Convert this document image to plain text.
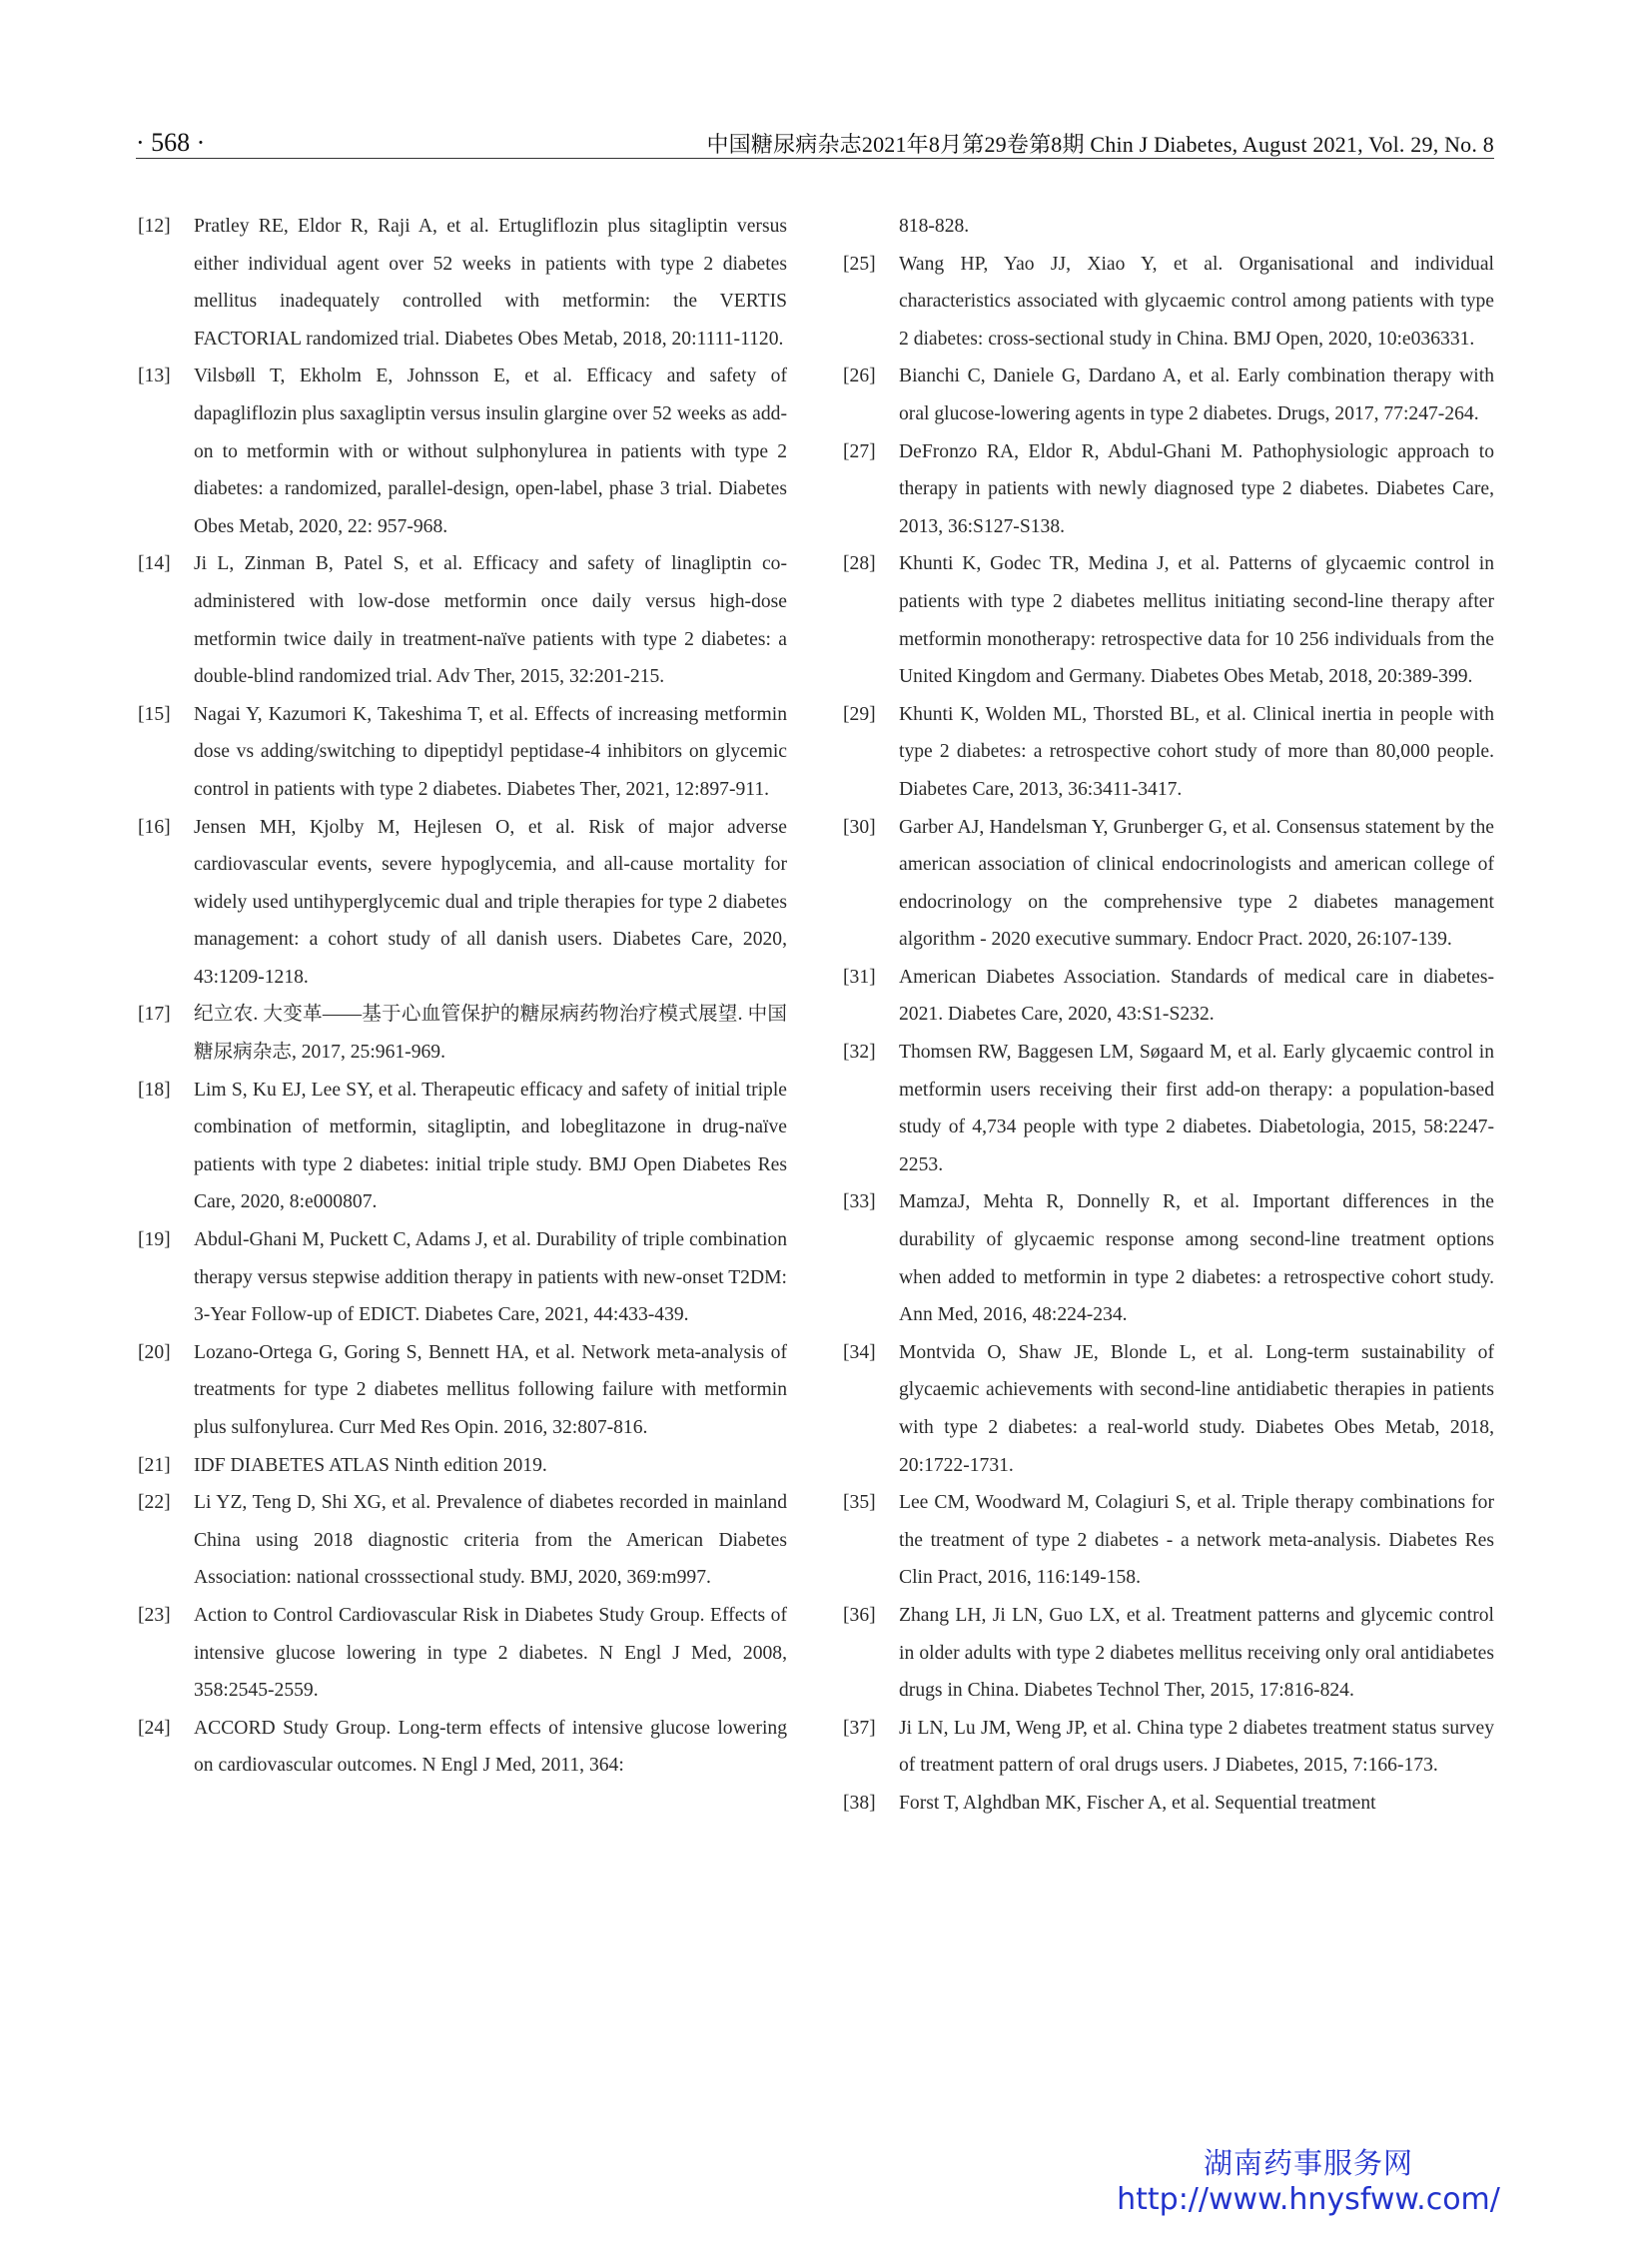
· 568 ·	中国糖尿病杂志2021年8月第29卷第8期 Chin J Diabetes, August 2021, Vol. 29, No. 8
[12] Pratley RE, Eldor R, Raji A, et al. Ertugliflozin plus sitagliptin versus either individual agent over 52 weeks in patients with type 2 diabetes mellitus inadequately controlled with metformin: the VERTIS FACTORIAL randomized trial. Diabetes Obes Metab, 2018, 20:1111-1120.
[13] Vilsbøll T, Ekholm E, Johnsson E, et al. Efficacy and safety of dapagliflozin plus saxagliptin versus insulin glargine over 52 weeks as add-on to metformin with or without sulphonylurea in patients with type 2 diabetes: a randomized, parallel-design, open-label, phase 3 trial. Diabetes Obes Metab, 2020, 22: 957-968.
[14] Ji L, Zinman B, Patel S, et al. Efficacy and safety of linagliptin co-administered with low-dose metformin once daily versus high-dose metformin twice daily in treatment-naïve patients with type 2 diabetes: a double-blind randomized trial. Adv Ther, 2015, 32:201-215.
[15] Nagai Y, Kazumori K, Takeshima T, et al. Effects of increasing metformin dose vs adding/switching to dipeptidyl peptidase-4 inhibitors on glycemic control in patients with type 2 diabetes. Diabetes Ther, 2021, 12:897-911.
[16] Jensen MH, Kjolby M, Hejlesen O, et al. Risk of major adverse cardiovascular events, severe hypoglycemia, and all-cause mortality for widely used untihyperglycemic dual and triple therapies for type 2 diabetes management: a cohort study of all danish users. Diabetes Care, 2020, 43:1209-1218.
[17] 纪立农. 大变革——基于心血管保护的糖尿病药物治疗模式展望. 中国糖尿病杂志, 2017, 25:961-969.
[18] Lim S, Ku EJ, Lee SY, et al. Therapeutic efficacy and safety of initial triple combination of metformin, sitagliptin, and lobeglitazone in drug-naïve patients with type 2 diabetes: initial triple study. BMJ Open Diabetes Res Care, 2020, 8:e000807.
[19] Abdul-Ghani M, Puckett C, Adams J, et al. Durability of triple combination therapy versus stepwise addition therapy in patients with new-onset T2DM: 3-Year Follow-up of EDICT. Diabetes Care, 2021, 44:433-439.
[20] Lozano-Ortega G, Goring S, Bennett HA, et al. Network meta-analysis of treatments for type 2 diabetes mellitus following failure with metformin plus sulfonylurea. Curr Med Res Opin. 2016, 32:807-816.
[21] IDF DIABETES ATLAS Ninth edition 2019.
[22] Li YZ, Teng D, Shi XG, et al. Prevalence of diabetes recorded in mainland China using 2018 diagnostic criteria from the American Diabetes Association: national crosssectional study. BMJ, 2020, 369:m997.
[23] Action to Control Cardiovascular Risk in Diabetes Study Group. Effects of intensive glucose lowering in type 2 diabetes. N Engl J Med, 2008, 358:2545-2559.
[24] ACCORD Study Group. Long-term effects of intensive glucose lowering on cardiovascular outcomes. N Engl J Med, 2011, 364:
818-828.
[25] Wang HP, Yao JJ, Xiao Y, et al. Organisational and individual characteristics associated with glycaemic control among patients with type 2 diabetes: cross-sectional study in China. BMJ Open, 2020, 10:e036331.
[26] Bianchi C, Daniele G, Dardano A, et al. Early combination therapy with oral glucose-lowering agents in type 2 diabetes. Drugs, 2017, 77:247-264.
[27] DeFronzo RA, Eldor R, Abdul-Ghani M. Pathophysiologic approach to therapy in patients with newly diagnosed type 2 diabetes. Diabetes Care, 2013, 36:S127-S138.
[28] Khunti K, Godec TR, Medina J, et al. Patterns of glycaemic control in patients with type 2 diabetes mellitus initiating second-line therapy after metformin monotherapy: retrospective data for 10 256 individuals from the United Kingdom and Germany. Diabetes Obes Metab, 2018, 20:389-399.
[29] Khunti K, Wolden ML, Thorsted BL, et al. Clinical inertia in people with type 2 diabetes: a retrospective cohort study of more than 80,000 people. Diabetes Care, 2013, 36:3411-3417.
[30] Garber AJ, Handelsman Y, Grunberger G, et al. Consensus statement by the american association of clinical endocrinologists and american college of endocrinology on the comprehensive type 2 diabetes management algorithm - 2020 executive summary. Endocr Pract. 2020, 26:107-139.
[31] American Diabetes Association. Standards of medical care in diabetes-2021. Diabetes Care, 2020, 43:S1-S232.
[32] Thomsen RW, Baggesen LM, Søgaard M, et al. Early glycaemic control in metformin users receiving their first add-on therapy: a population-based study of 4,734 people with type 2 diabetes. Diabetologia, 2015, 58:2247-2253.
[33] MamzaJ, Mehta R, Donnelly R, et al. Important differences in the durability of glycaemic response among second-line treatment options when added to metformin in type 2 diabetes: a retrospective cohort study. Ann Med, 2016, 48:224-234.
[34] Montvida O, Shaw JE, Blonde L, et al. Long-term sustainability of glycaemic achievements with second-line antidiabetic therapies in patients with type 2 diabetes: a real-world study. Diabetes Obes Metab, 2018, 20:1722-1731.
[35] Lee CM, Woodward M, Colagiuri S, et al. Triple therapy combinations for the treatment of type 2 diabetes - a network meta-analysis. Diabetes Res Clin Pract, 2016, 116:149-158.
[36] Zhang LH, Ji LN, Guo LX, et al. Treatment patterns and glycemic control in older adults with type 2 diabetes mellitus receiving only oral antidiabetes drugs in China. Diabetes Technol Ther, 2015, 17:816-824.
[37] Ji LN, Lu JM, Weng JP, et al. China type 2 diabetes treatment status survey of treatment pattern of oral drugs users. J Diabetes, 2015, 7:166-173.
[38] Forst T, Alghdban MK, Fischer A, et al. Sequential treatment
湖南药事服务网
http://www.hnysfww.com/
